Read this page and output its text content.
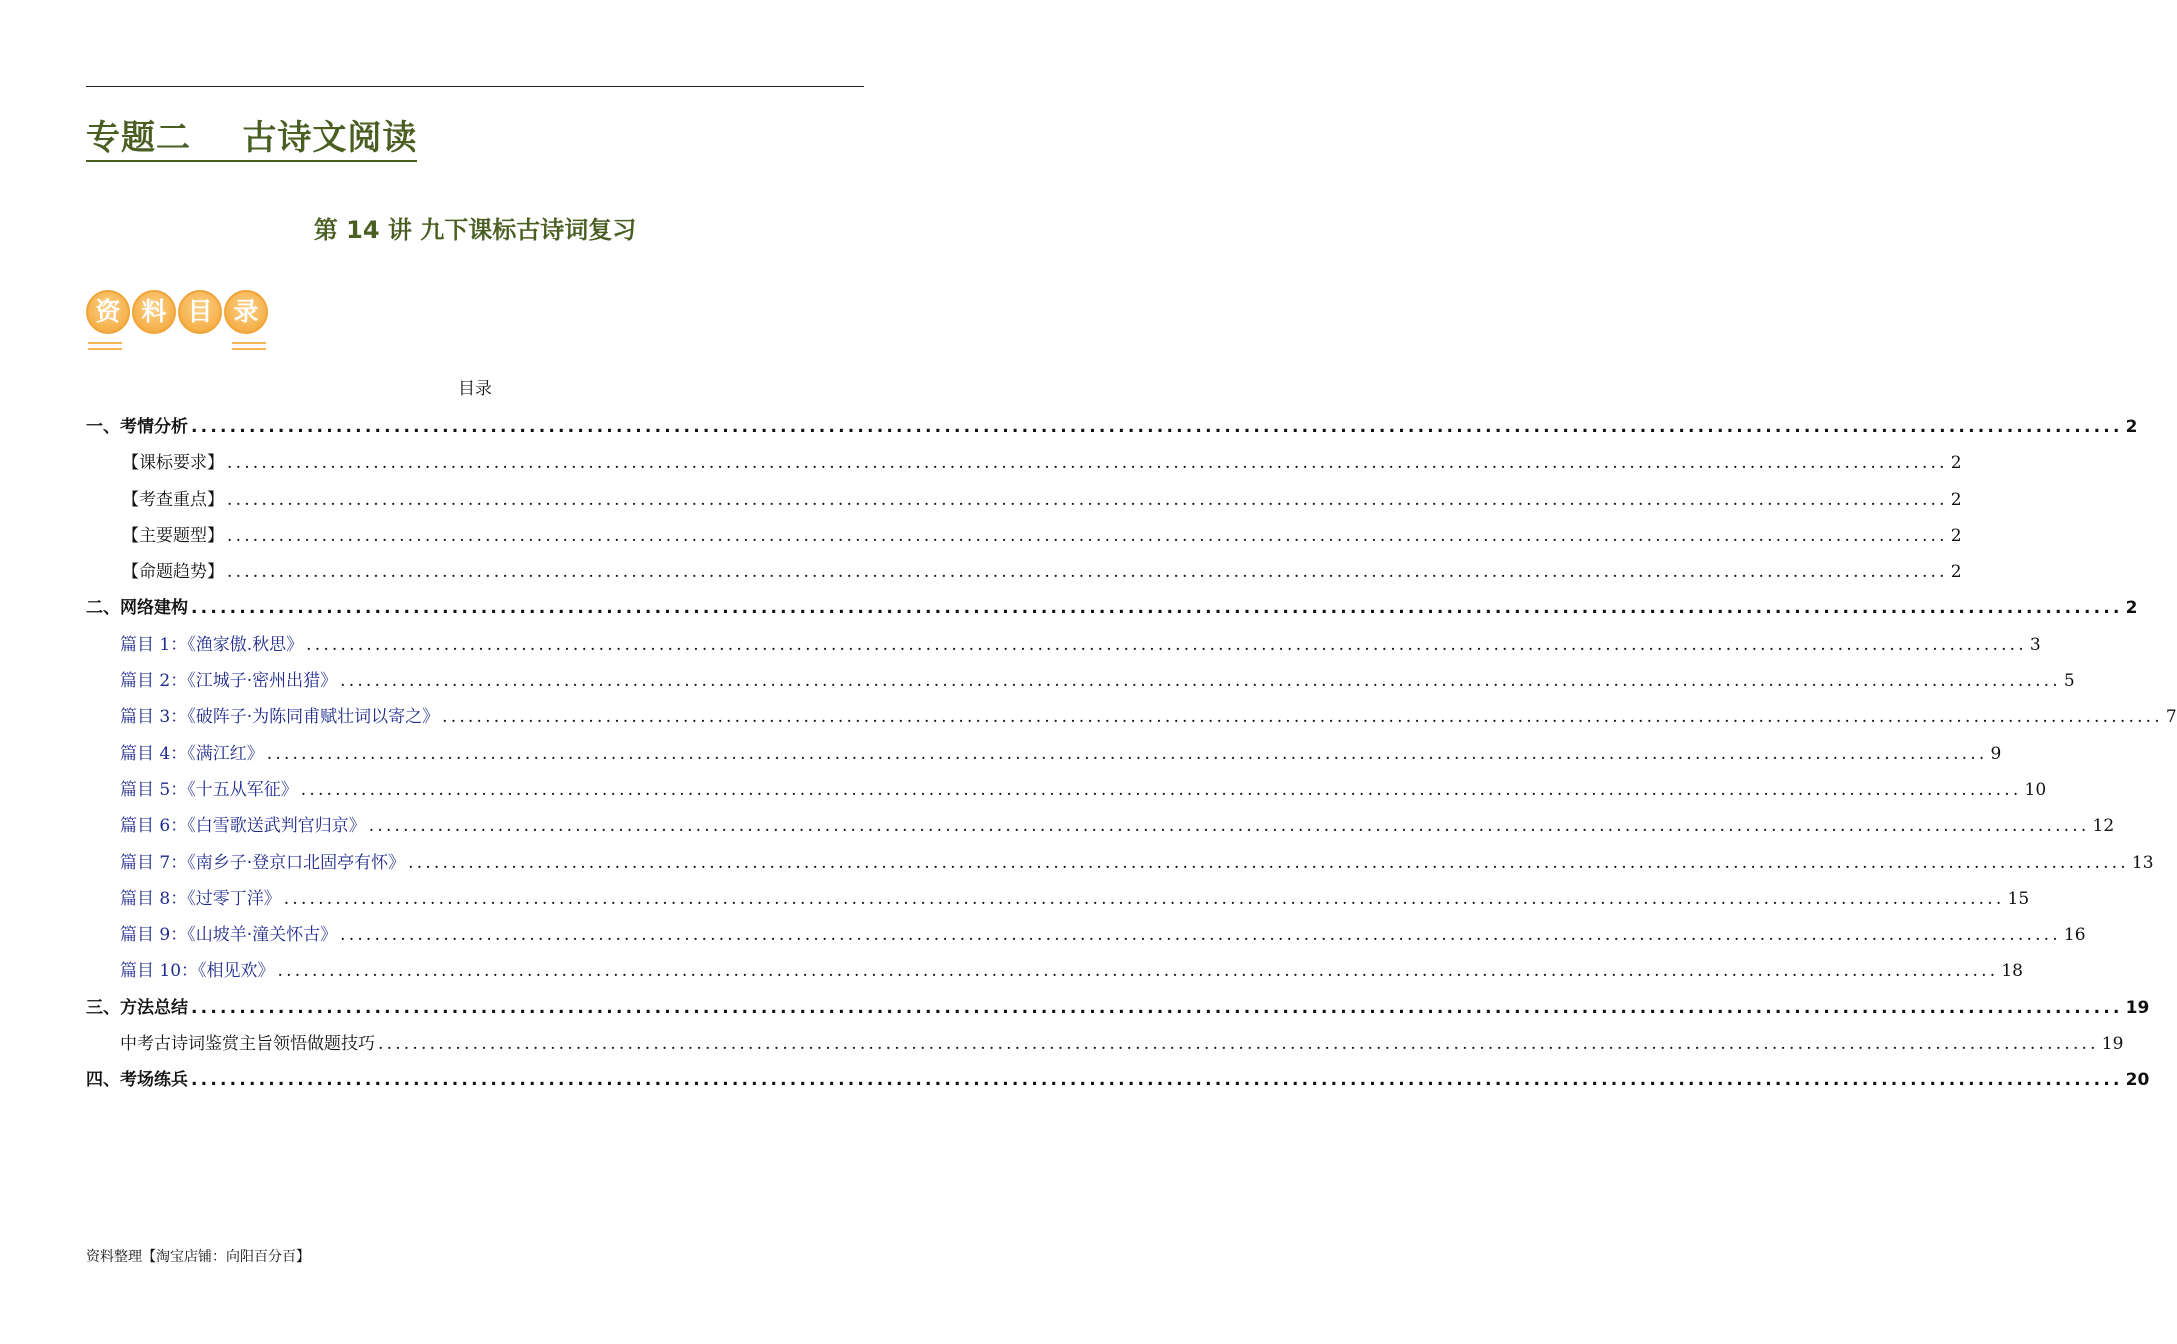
专题二    古诗文阅读
第 14 讲 九下课标古诗词复习
资 料 目 录
目录
一、考情分析 ........................................................................................................................................................................................................ 2
【课标要求】 ........................................................................................................................................................................................................ 2
【考查重点】 ........................................................................................................................................................................................................ 2
【主要题型】 ........................................................................................................................................................................................................ 2
【命题趋势】 ........................................................................................................................................................................................................ 2
二、网络建构 ........................................................................................................................................................................................................ 2
篇目 1：《渔家傲.秋思》 ........................................................................................................................................................................................................ 3
篇目 2：《江城子·密州出猎》 ........................................................................................................................................................................................................ 5
篇目 3：《破阵子·为陈同甫赋壮词以寄之》 ........................................................................................................................................................................................................ 7
篇目 4：《满江红》 ........................................................................................................................................................................................................ 9
篇目 5：《十五从军征》 ........................................................................................................................................................................................................ 10
篇目 6：《白雪歌送武判官归京》 ........................................................................................................................................................................................................ 12
篇目 7：《南乡子·登京口北固亭有怀》 ........................................................................................................................................................................................................ 13
篇目 8：《过零丁洋》 ........................................................................................................................................................................................................ 15
篇目 9：《山坡羊·潼关怀古》 ........................................................................................................................................................................................................ 16
篇目 10：《相见欢》 ........................................................................................................................................................................................................ 18
三、方法总结 ........................................................................................................................................................................................................ 19
中考古诗词鉴赏主旨领悟做题技巧 ........................................................................................................................................................................................................ 19
四、考场练兵 ........................................................................................................................................................................................................ 20
资料整理【淘宝店铺：向阳百分百】
